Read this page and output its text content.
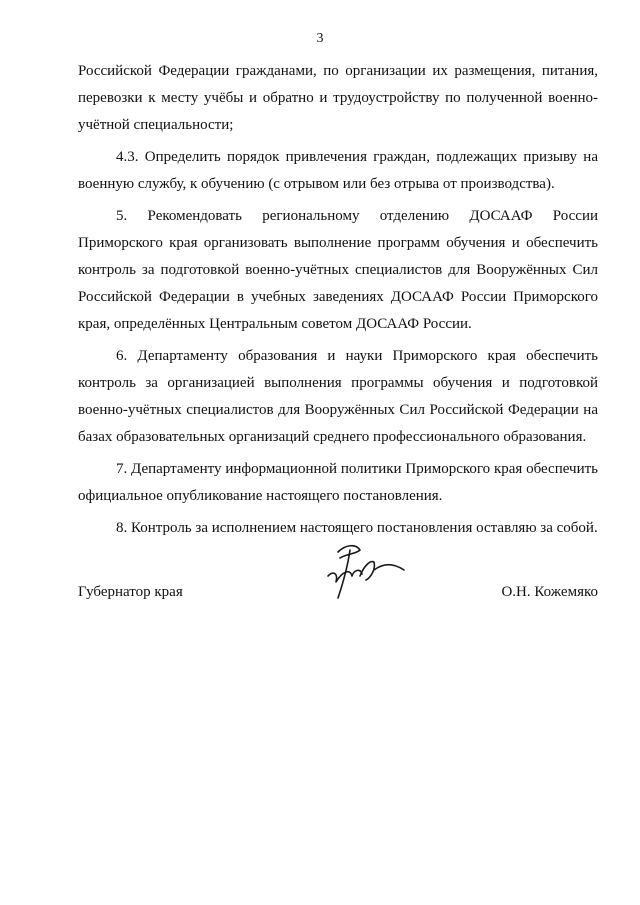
3

Российской Федерации гражданами, по организации их размещения, питания, перевозки к месту учёбы и обратно и трудоустройству по полученной военно-учётной специальности;

4.3. Определить порядок привлечения граждан, подлежащих призыву на военную службу, к обучению (с отрывом или без отрыва от производства).

5. Рекомендовать региональному отделению ДОСААФ России Приморского края организовать выполнение программ обучения и обеспечить контроль за подготовкой военно-учётных специалистов для Вооружённых Сил Российской Федерации в учебных заведениях ДОСААФ России Приморского края, определённых Центральным советом ДОСААФ России.

6. Департаменту образования и науки Приморского края обеспечить контроль за организацией выполнения программы обучения и подготовкой военно-учётных специалистов для Вооружённых Сил Российской Федерации на базах образовательных организаций среднего профессионального образования.

7. Департаменту информационной политики Приморского края обеспечить официальное опубликование настоящего постановления.

8. Контроль за исполнением настоящего постановления оставляю за собой.

Губернатор края	О.Н. Кожемяко
